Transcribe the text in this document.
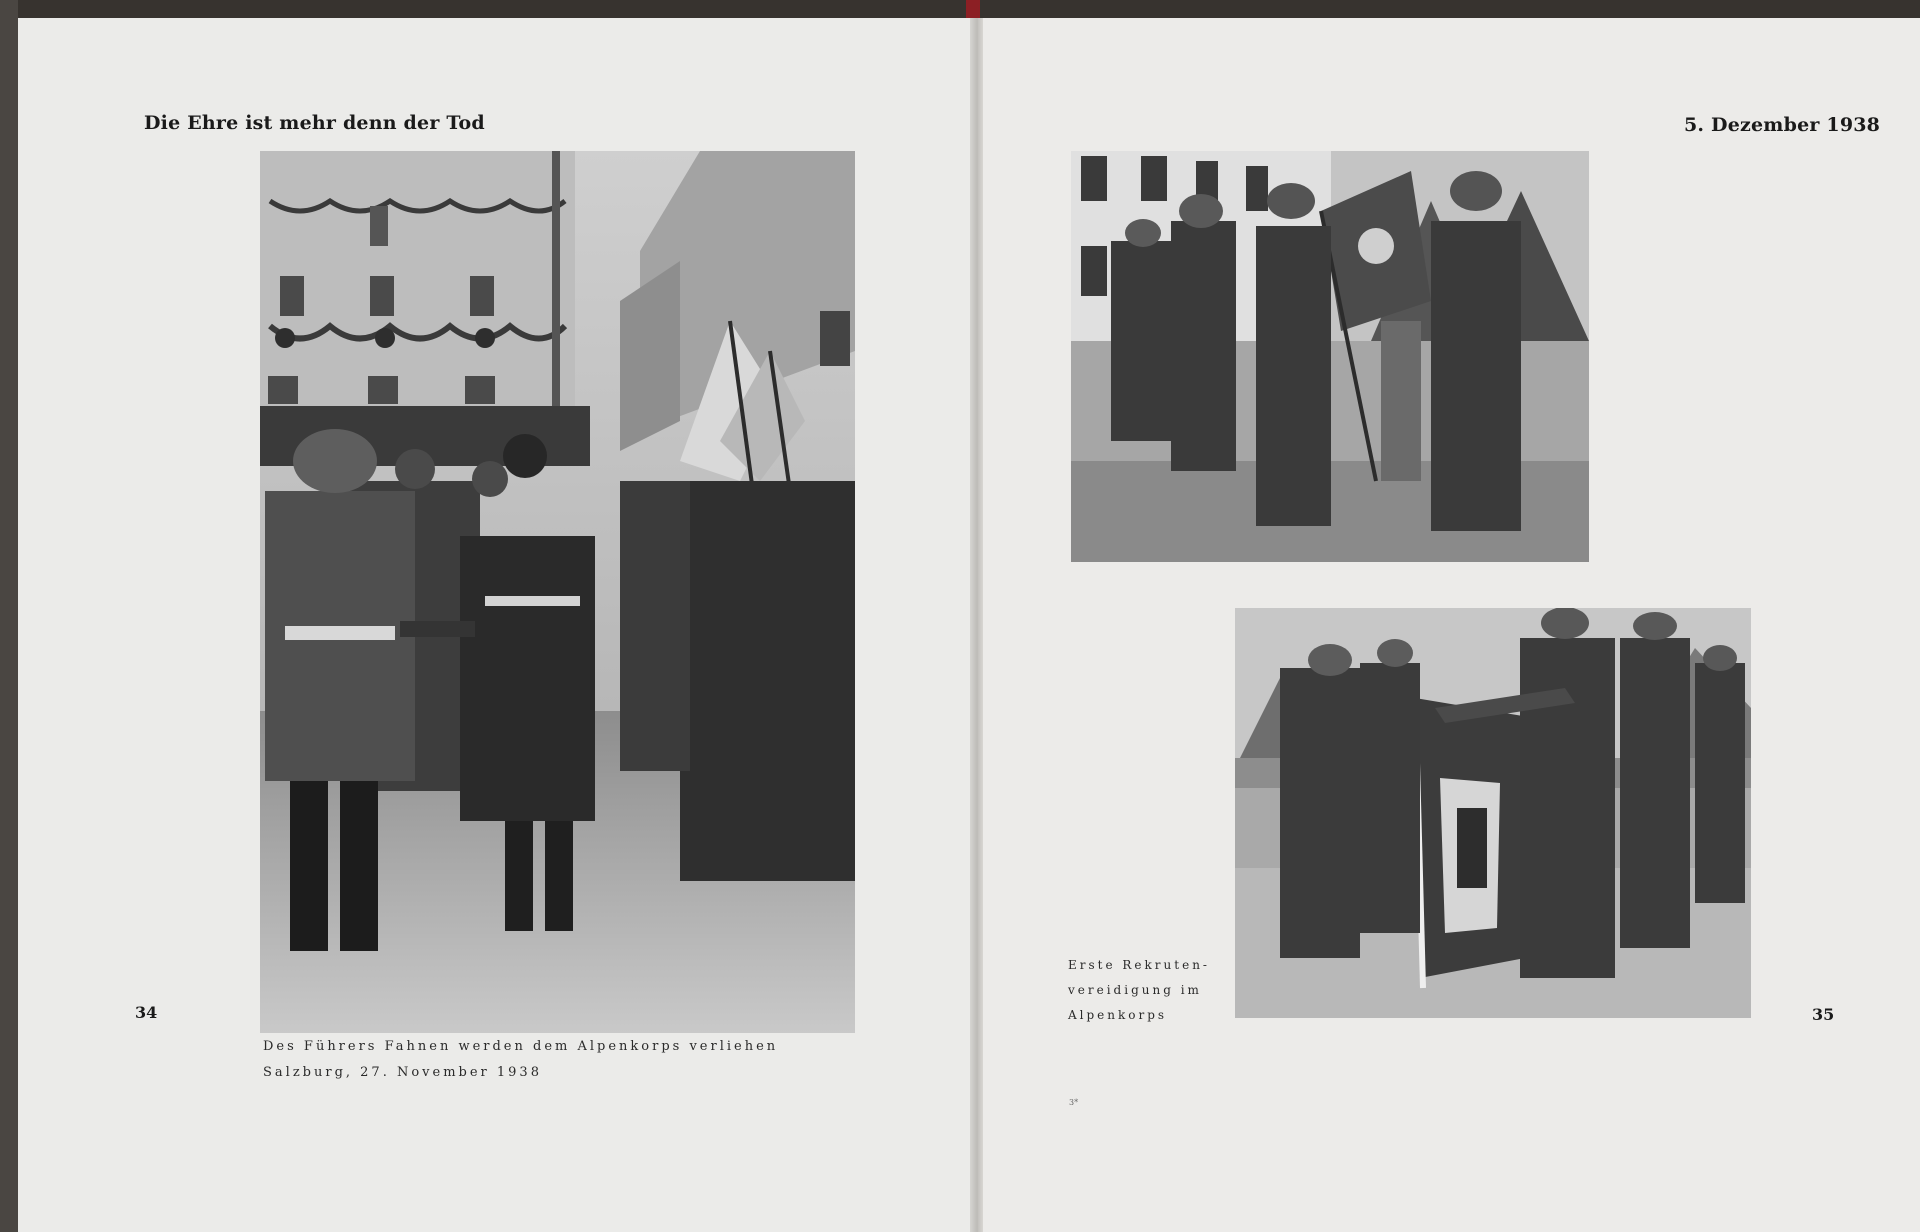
Die Ehre ist mehr denn der Tod
34
Des Führers Fahnen werden dem Alpenkorps verliehen
Salzburg, 27. November 1938
5. Dezember 1938
Erste Rekruten-
vereidigung im
Alpenkorps	35
3*
